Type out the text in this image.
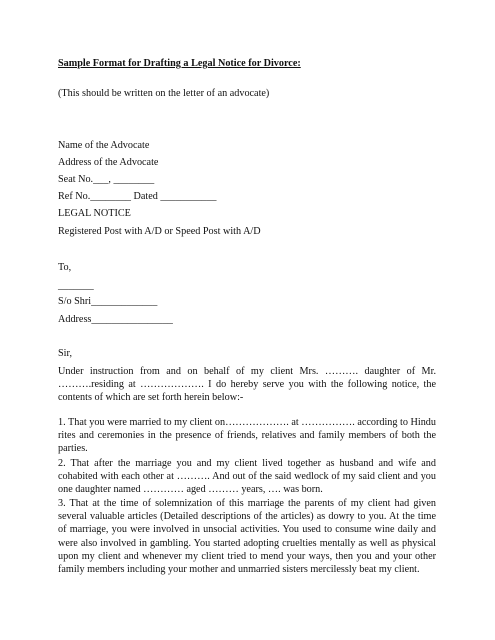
Sample Format for Drafting a Legal Notice for Divorce:

(This should be written on the letter of an advocate)

Name of the Advocate

Address of the Advocate

Seat No.___, ________

Ref No.________ Dated ___________

LEGAL NOTICE

Registered Post with A/D or Speed Post with A/D

To,

_______

S/o Shri_____________

Address________________

Sir,

Under instruction from and on behalf of my client Mrs. ………. daughter of Mr. ……….residing at ………………. I do hereby serve you with the following notice, the contents of which are set forth herein below:-

1. That you were married to my client on………………. at ……………. according to Hindu rites and ceremonies in the presence of friends, relatives and family members of both the parties.

2. That after the marriage you and my client lived together as husband and wife and cohabited with each other at ………. And out of the said wedlock of my said client and you one daughter named ………… aged ……… years, …. was born.

3. That at the time of solemnization of this marriage the parents of my client had given several valuable articles (Detailed descriptions of the articles) as dowry to you. At the time of marriage, you were involved in unsocial activities. You used to consume wine daily and were also involved in gambling. You started adopting cruelties mentally as well as physical upon my client and whenever my client tried to mend your ways, then you and your other family members including your mother and unmarried sisters mercilessly beat my client.
